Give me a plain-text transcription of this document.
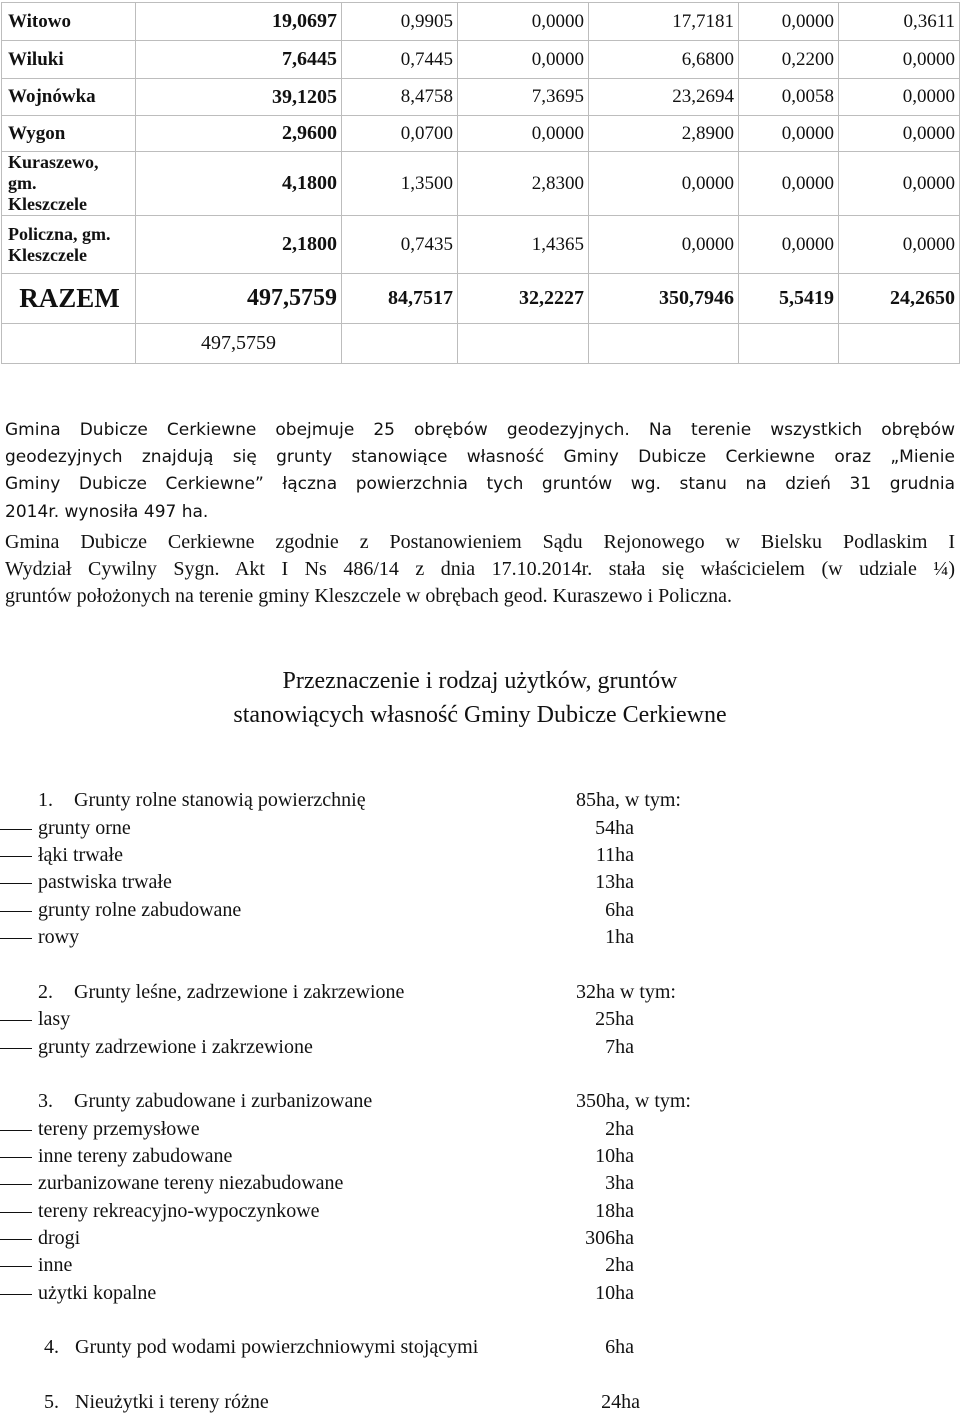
Witowo	19,0697	0,9905	0,0000	17,7181	0,0000	0,3611
Wiluki	7,6445	0,7445	0,0000	6,6800	0,2200	0,0000
Wojnówka	39,1205	8,4758	7,3695	23,2694	0,0058	0,0000
Wygon	2,9600	0,0700	0,0000	2,8900	0,0000	0,0000
Kuraszewo, gm.
Kleszczele	4,1800	1,3500	2,8300	0,0000	0,0000	0,0000
Policzna, gm.
Kleszczele	2,1800	0,7435	1,4365	0,0000	0,0000	0,0000
RAZEM	497,5759	84,7517	32,2227	350,7946	5,5419	24,2650
	497,5759					

Gmina Dubicze Cerkiewne obejmuje 25 obrębów geodezyjnych. Na terenie wszystkich obrębów

geodezyjnych znajdują się grunty stanowiące własność Gminy Dubicze Cerkiewne oraz „Mienie

Gminy Dubicze Cerkiewne” łączna powierzchnia tych gruntów wg. stanu na dzień 31 grudnia

2014r. wynosiła 497 ha.

Gmina Dubicze Cerkiewne zgodnie z Postanowieniem Sądu Rejonowego w Bielsku Podlaskim I

Wydział Cywilny Sygn. Akt I Ns 486/14 z dnia 17.10.2014r. stała się właścicielem (w udziale ¼)

gruntów położonych na terenie gminy Kleszczele w obrębach geod. Kuraszewo i Policzna.

Przeznaczenie i rodzaj użytków, gruntów
stanowiących własność Gminy Dubicze Cerkiewne
1. Grunty rolne stanowią powierzchnię	85ha, w tym:
grunty orne	54ha
łąki trwałe	11ha
pastwiska trwałe	13ha
grunty rolne zabudowane	6ha
rowy	1ha
2. Grunty leśne, zadrzewione i zakrzewione	32ha w tym:
lasy	25ha
grunty zadrzewione i zakrzewione	7ha
3. Grunty zabudowane i zurbanizowane	350ha, w tym:
tereny przemysłowe	2ha
inne tereny zabudowane	10ha
zurbanizowane tereny niezabudowane	3ha
tereny rekreacyjno-wypoczynkowe	18ha
drogi	306ha
inne	2ha
użytki kopalne	10ha
4. Grunty pod wodami powierzchniowymi stojącymi	6ha
5. Nieużytki i tereny różne	24ha
